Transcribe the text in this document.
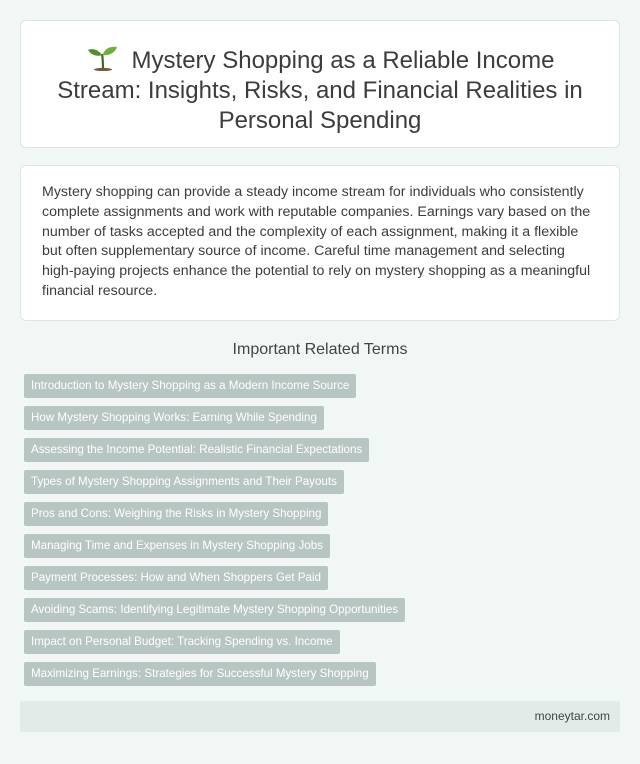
Mystery Shopping as a Reliable Income Stream: Insights, Risks, and Financial Realities in Personal Spending

Mystery shopping can provide a steady income stream for individuals who consistently complete assignments and work with reputable companies. Earnings vary based on the number of tasks accepted and the complexity of each assignment, making it a flexible but often supplementary source of income. Careful time management and selecting high-paying projects enhance the potential to rely on mystery shopping as a meaningful financial resource.

Important Related Terms
Introduction to Mystery Shopping as a Modern Income Source
How Mystery Shopping Works: Earning While Spending
Assessing the Income Potential: Realistic Financial Expectations
Types of Mystery Shopping Assignments and Their Payouts
Pros and Cons: Weighing the Risks in Mystery Shopping
Managing Time and Expenses in Mystery Shopping Jobs
Payment Processes: How and When Shoppers Get Paid
Avoiding Scams: Identifying Legitimate Mystery Shopping Opportunities
Impact on Personal Budget: Tracking Spending vs. Income
Maximizing Earnings: Strategies for Successful Mystery Shopping
moneytar.com
